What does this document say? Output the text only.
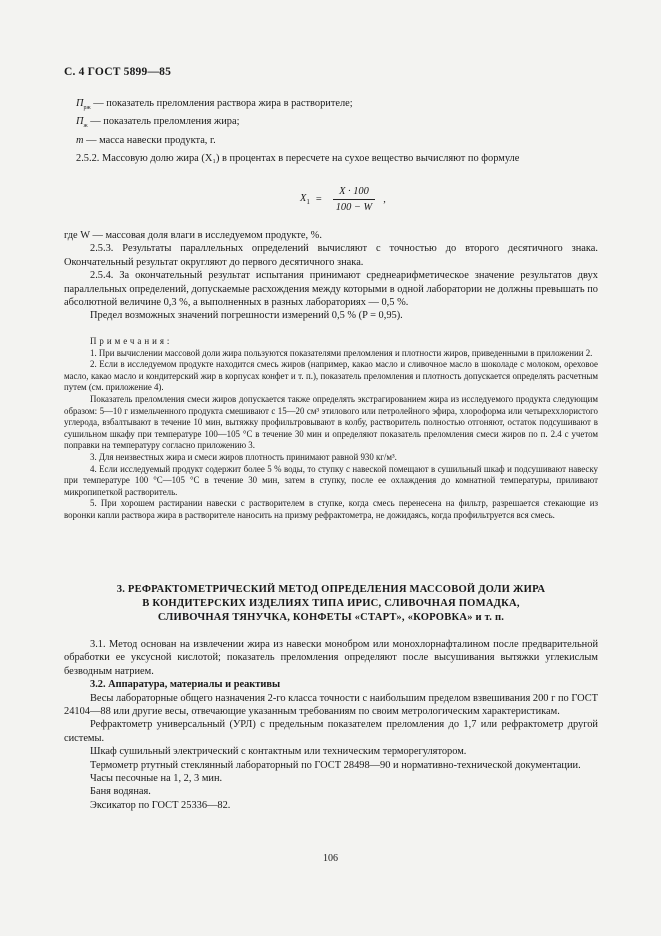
С. 4 ГОСТ 5899—85

$П_{рж}$ — показатель преломления раствора жира в растворителе;

$П_ж$ — показатель преломления жира;

m — масса навески продукта, г.

2.5.2. Массовую долю жира (X₁) в процентах в пересчете на сухое вещество вычисляют по формуле

$X_1 = \frac{X \cdot 100}{100 - W}$ ,

где W — массовая доля влаги в исследуемом продукте, %.

2.5.3. Результаты параллельных определений вычисляют с точностью до второго десятичного знака. Окончательный результат округляют до первого десятичного знака.

2.5.4. За окончательный результат испытания принимают среднеарифметическое значение результатов двух параллельных определений, допускаемые расхождения между которыми в одной лаборатории не должны превышать по абсолютной величине 0,3 %, а выполненных в разных лабораториях — 0,5 %.

Предел возможных значений погрешности измерений 0,5 % (P = 0,95).

Примечания:

1. При вычислении массовой доли жира пользуются показателями преломления и плотности жиров, приведенными в приложении 2.

2. Если в исследуемом продукте находится смесь жиров (например, какао масло и сливочное масло в шоколаде с молоком, ореховое масло, какао масло и кондитерский жир в корпусах конфет и т. п.), показатель преломления и плотность допускается определять расчетным путем (см. приложение 4).

Показатель преломления смеси жиров допускается также определять экстрагированием жира из исследуемого продукта следующим образом: 5—10 г измельченного продукта смешивают с 15—20 см³ этилового или петролейного эфира, хлороформа или четыреххлористого углерода, взбалтывают в течение 10 мин, вытяжку профильтровывают в колбу, растворитель полностью отгоняют, остаток подсушивают в сушильном шкафу при температуре 100—105 °С в течение 30 мин и определяют показатель преломления смеси жиров по п. 2.4 с учетом поправки на температуру согласно приложению 3.

3. Для неизвестных жира и смеси жиров плотность принимают равной 930 кг/м³.

4. Если исследуемый продукт содержит более 5 % воды, то ступку с навеской помещают в сушильный шкаф и подсушивают навеску при температуре 100 °С—105 °С в течение 30 мин, затем в ступку, после ее охлаждения до комнатной температуры, приливают микропипеткой растворитель.

5. При хорошем растирании навески с растворителем в ступке, когда смесь перенесена на фильтр, разрешается стекающие из воронки капли раствора жира в растворителе наносить на призму рефрактометра, не дожидаясь, когда профильтруется вся смесь.

3. РЕФРАКТОМЕТРИЧЕСКИЙ МЕТОД ОПРЕДЕЛЕНИЯ МАССОВОЙ ДОЛИ ЖИРА
В КОНДИТЕРСКИХ ИЗДЕЛИЯХ ТИПА ИРИС, СЛИВОЧНАЯ ПОМАДКА,
СЛИВОЧНАЯ ТЯНУЧКА, КОНФЕТЫ «СТАРТ», «КОРОВКА» и т. п.

3.1. Метод основан на извлечении жира из навески монобром или монохлорнафталином после предварительной обработки ее уксусной кислотой; показатель преломления определяют после высушивания вытяжки углекислым безводным натрием.

3.2. Аппаратура, материалы и реактивы

Весы лабораторные общего назначения 2-го класса точности с наибольшим пределом взвешивания 200 г по ГОСТ 24104—88 или другие весы, отвечающие указанным требованиям по своим метрологическим характеристикам.

Рефрактометр универсальный (УРЛ) с предельным показателем преломления до 1,7 или рефрактометр другой системы.

Шкаф сушильный электрический с контактным или техническим терморегулятором.

Термометр ртутный стеклянный лабораторный по ГОСТ 28498—90 и нормативно-технической документации.

Часы песочные на 1, 2, 3 мин.

Баня водяная.

Эксикатор по ГОСТ 25336—82.

106
